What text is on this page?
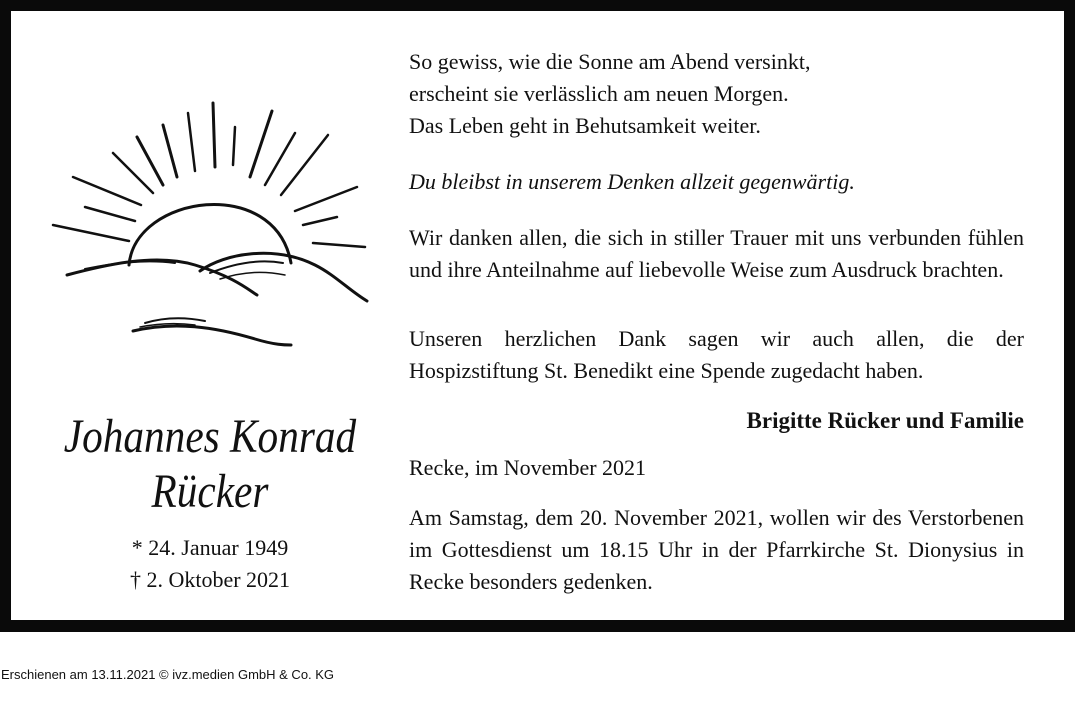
Johannes Konrad
Rücker
* 24. Januar 1949
† 2. Oktober 2021
So gewiss, wie die Sonne am Abend versinkt,
erscheint sie verlässlich am neuen Morgen.
Das Leben geht in Behutsamkeit weiter.
Du bleibst in unserem Denken allzeit gegenwärtig.
Wir danken allen, die sich in stiller Trauer mit uns verbunden fühlen und ihre Anteilnahme auf liebevolle Weise zum Ausdruck brachten.
Unseren herzlichen Dank sagen wir auch allen, die der Hospizstiftung St. Benedikt eine Spende zugedacht haben.
Brigitte Rücker und Familie
Recke, im November 2021
Am Samstag, dem 20. November 2021, wollen wir des Verstorbenen im Gottesdienst um 18.15 Uhr in der Pfarrkirche St. Dionysius in Recke besonders gedenken.
Erschienen am 13.11.2021 © ivz.medien GmbH & Co. KG
